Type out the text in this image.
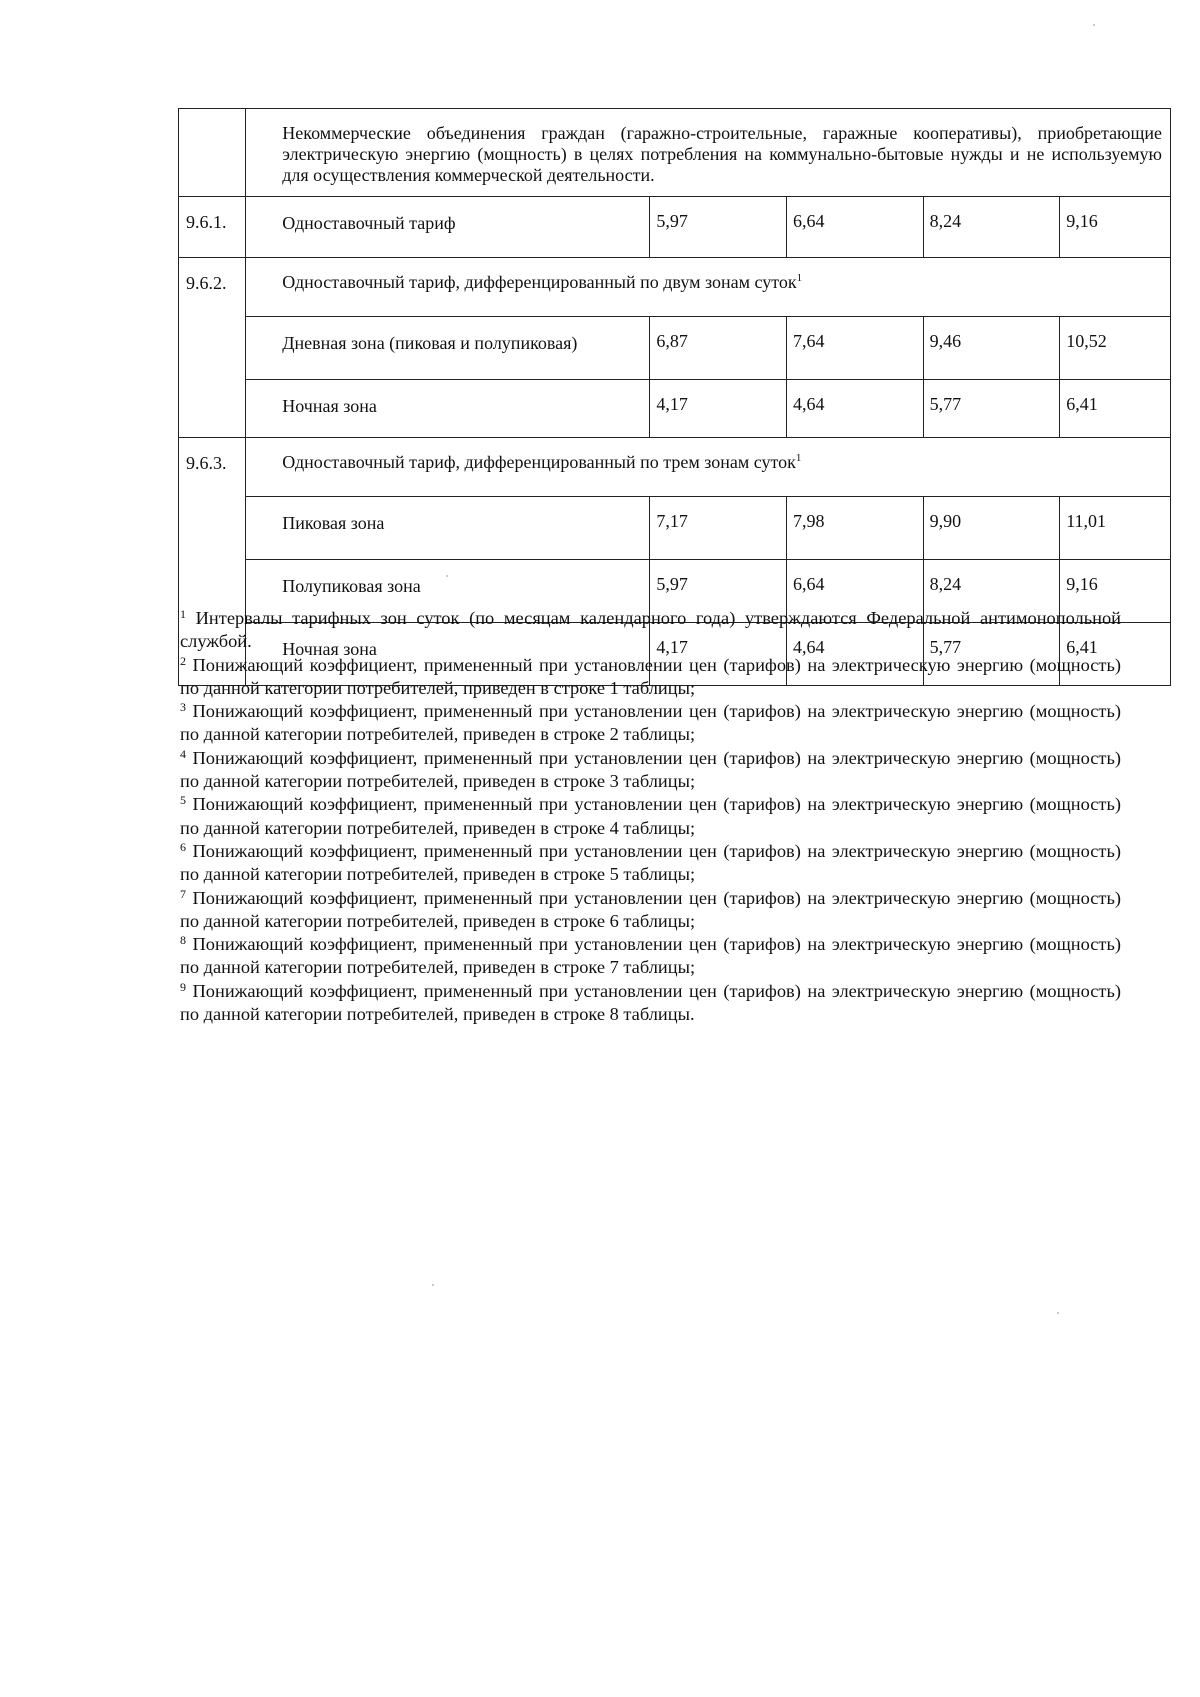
	Некоммерческие объединения граждан (гаражно-строительные, гаражные кооперативы), приобретающие электрическую энергию (мощность) в целях потребления на коммунально-бытовые нужды и не используемую для осуществления коммерческой деятельности.				

9.6.1.	Одноставочный тариф	5,97	6,64	8,24	9,16
9.6.2.	Одноставочный тариф, дифференцированный по двум зонам суток$^1$
	Дневная зона (пиковая и полупиковая)	6,87	7,64	9,46	10,52
	Ночная зона	4,17	4,64	5,77	6,41
9.6.3.	Одноставочный тариф, дифференцированный по трем зонам суток$^1$
	Пиковая зона	7,17	7,98	9,90	11,01
	Полупиковая зона	5,97	6,64	8,24	9,16
	Ночная зона	4,17	4,64	5,77	6,41

$^1$ Интервалы тарифных зон суток (по месяцам календарного года) утверждаются Федеральной антимонопольной службой.

$^2$ Понижающий коэффициент, примененный при установлении цен (тарифов) на электрическую энергию (мощность) по данной категории потребителей, приведен в строке 1 таблицы;

$^3$ Понижающий коэффициент, примененный при установлении цен (тарифов) на электрическую энергию (мощность) по данной категории потребителей, приведен в строке 2 таблицы;

$^4$ Понижающий коэффициент, примененный при установлении цен (тарифов) на электрическую энергию (мощность) по данной категории потребителей, приведен в строке 3 таблицы;

$^5$ Понижающий коэффициент, примененный при установлении цен (тарифов) на электрическую энергию (мощность) по данной категории потребителей, приведен в строке 4 таблицы;

$^6$ Понижающий коэффициент, примененный при установлении цен (тарифов) на электрическую энергию (мощность) по данной категории потребителей, приведен в строке 5 таблицы;

$^7$ Понижающий коэффициент, примененный при установлении цен (тарифов) на электрическую энергию (мощность) по данной категории потребителей, приведен в строке 6 таблицы;

$^8$ Понижающий коэффициент, примененный при установлении цен (тарифов) на электрическую энергию (мощность) по данной категории потребителей, приведен в строке 7 таблицы;

$^9$ Понижающий коэффициент, примененный при установлении цен (тарифов) на электрическую энергию (мощность) по данной категории потребителей, приведен в строке 8 таблицы.
